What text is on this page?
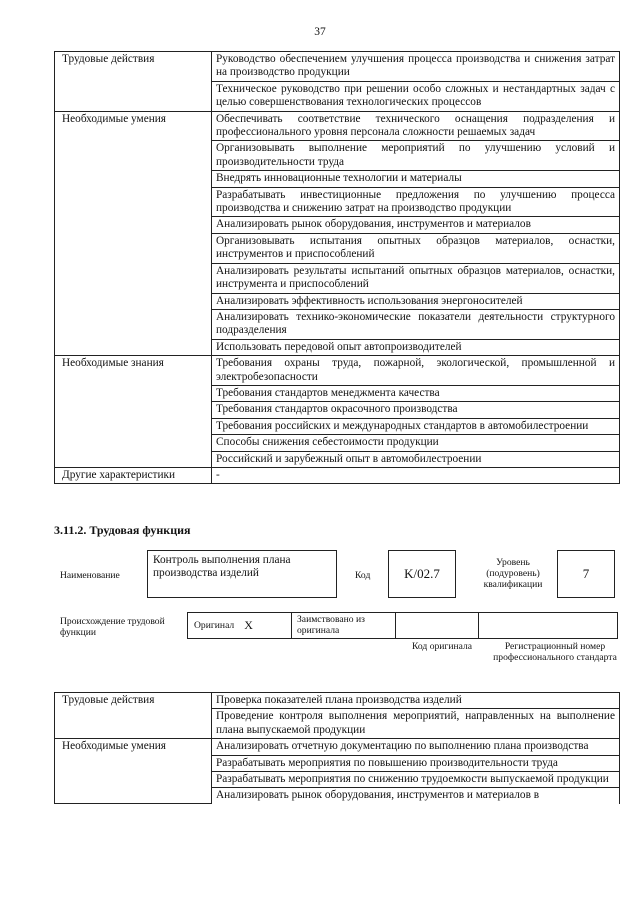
37
Трудовые действия	Руководство обеспечением улучшения процесса производства и снижения затрат на производство продукции
	Техническое руководство при решении особо сложных и нестандартных задач с целью совершенствования технологических процессов
Необходимые умения	Обеспечивать соответствие технического оснащения подразделения и профессионального уровня персонала сложности решаемых задач
	Организовывать выполнение мероприятий по улучшению условий и производительности труда
	Внедрять инновационные технологии и материалы
	Разрабатывать инвестиционные предложения по улучшению процесса производства и снижению затрат на производство продукции
	Анализировать рынок оборудования, инструментов и материалов
	Организовывать испытания опытных образцов материалов, оснастки, инструментов и приспособлений
	Анализировать результаты испытаний опытных образцов материалов, оснастки, инструмента и приспособлений
	Анализировать эффективность использования энергоносителей
	Анализировать технико-экономические показатели деятельности структурного подразделения
	Использовать передовой опыт автопроизводителей
Необходимые знания	Требования охраны труда, пожарной, экологической, промышленной и электробезопасности
	Требования стандартов менеджмента качества
	Требования стандартов окрасочного производства
	Требования российских и международных стандартов в автомобилестроении
	Способы снижения себестоимости продукции
	Российский и зарубежный опыт в автомобилестроении
Другие характеристики	-
3.11.2. Трудовая функция
Наименование
Контроль выполнения плана производства изделий	Код	K/02.7
Уровень (подуровень) квалификации
7
Происхождение трудовой функции
Оригинал X	Заимствовано из оригинала
Код оригинала	Регистрационный номер профессионального стандарта
Трудовые действия	Проверка показателей плана производства изделий
	Проведение контроля выполнения мероприятий, направленных на выполнение плана выпускаемой продукции
Необходимые умения	Анализировать отчетную документацию по выполнению плана производства
	Разрабатывать мероприятия по повышению производительности труда
	Разрабатывать мероприятия по снижению трудоемкости выпускаемой продукции
	Анализировать рынок оборудования, инструментов и материалов в
